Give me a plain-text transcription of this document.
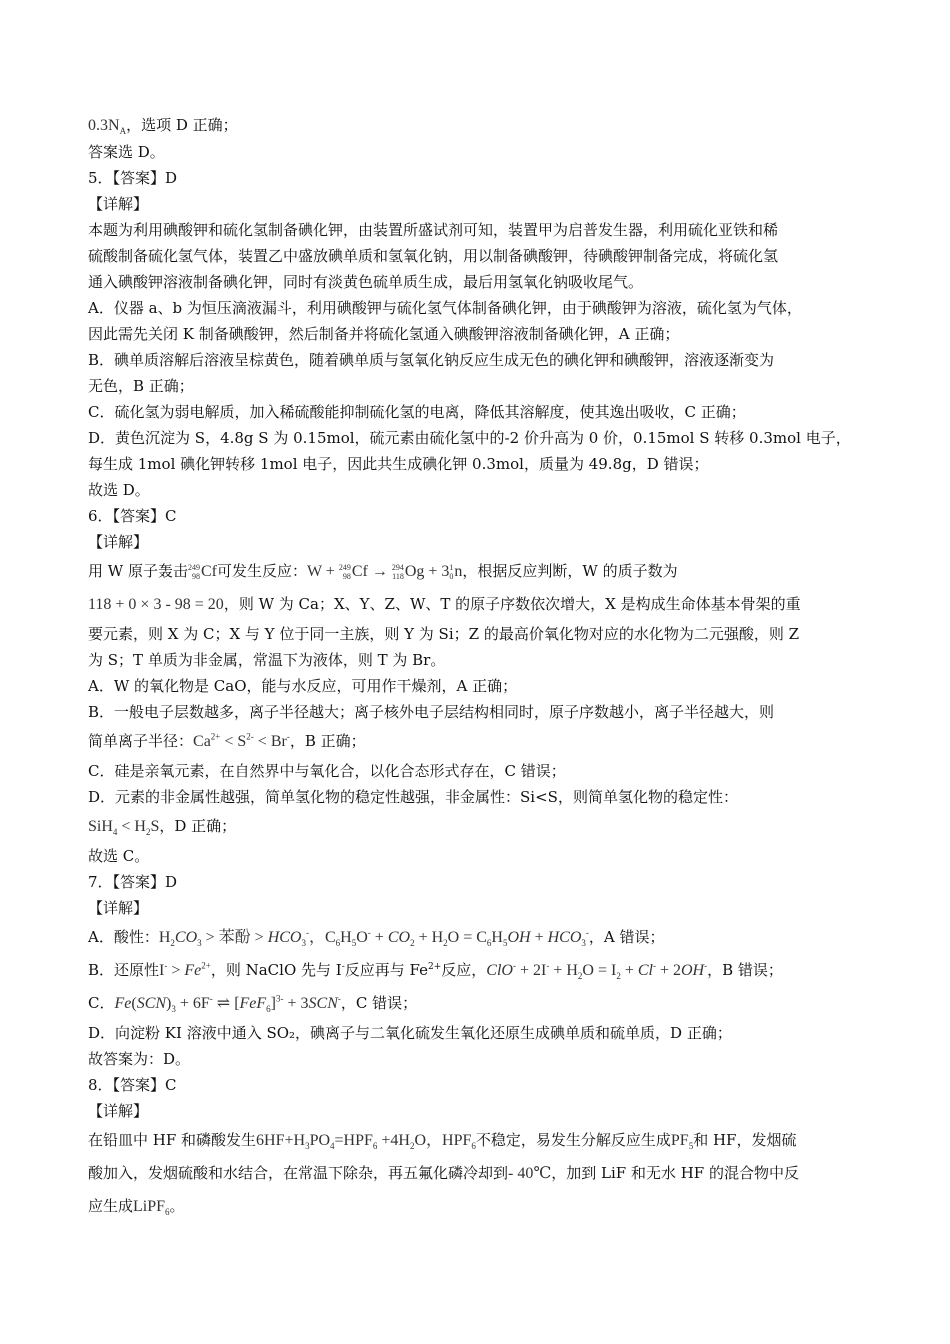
$0.3N_A$，选项 D 正确；
答案选 D。
5．【答案】D
【详解】
本题为利用碘酸钾和硫化氢制备碘化钾，由装置所盛试剂可知，装置甲为启普发生器，利用硫化亚铁和稀
硫酸制备硫化氢气体，装置乙中盛放碘单质和氢氧化钠，用以制备碘酸钾，待碘酸钾制备完成，将硫化氢
通入碘酸钾溶液制备碘化钾，同时有淡黄色硫单质生成，最后用氢氧化钠吸收尾气。
A．仪器 a、b 为恒压滴液漏斗，利用碘酸钾与硫化氢气体制备碘化钾，由于碘酸钾为溶液，硫化氢为气体，
因此需先关闭 K 制备碘酸钾，然后制备并将硫化氢通入碘酸钾溶液制备碘化钾，A 正确；
B．碘单质溶解后溶液呈棕黄色，随着碘单质与氢氧化钠反应生成无色的碘化钾和碘酸钾，溶液逐渐变为
无色，B 正确；
C．硫化氢为弱电解质，加入稀硫酸能抑制硫化氢的电离，降低其溶解度，使其逸出吸收，C 正确；
D．黄色沉淀为 S，4.8g S 为 0.15mol，硫元素由硫化氢中的-2 价升高为 0 价，0.15mol S 转移 0.3mol 电子，
每生成 1mol 碘化钾转移 1mol 电子，因此共生成碘化钾 0.3mol，质量为 49.8g，D 错误；
故选 D。
6．【答案】C
【详解】
用 W 原子轰击 249
98 Cf可发生反应：W + 249
98 Cf → 294
118 Og + 3 1
0 n，根据反应判断，W 的质子数为
118 + 0 × 3 - 98 = 20，则 W 为 Ca；X、Y、Z、W、T 的原子序数依次增大，X 是构成生命体基本骨架的重
要元素，则 X 为 C；X 与 Y 位于同一主族，则 Y 为 Si；Z 的最高价氧化物对应的水化物为二元强酸，则 Z
为 S；T 单质为非金属，常温下为液体，则 T 为 Br。
A．W 的氧化物是 CaO，能与水反应，可用作干燥剂，A 正确；
B．一般电子层数越多，离子半径越大；离子核外电子层结构相同时，原子序数越小，离子半径越大，则
简单离子半径：$Ca^{2+} < S^{2-} < Br^-$，B 正确；
C．硅是亲氧元素，在自然界中与氧化合，以化合态形式存在，C 错误；
D．元素的非金属性越强，简单氢化物的稳定性越强，非金属性：Si<S，则简单氢化物的稳定性：
$SiH_4 < H_2S$，D 正确；
故选 C。
7．【答案】D
【详解】
A．酸性：$H_2CO_3$ > 苯酚 > $HCO_3^-$，$C_6H_5O^- + CO_2 + H_2O = C_6H_5OH + HCO_3^-$，A 错误；
B．还原性$I^- > Fe^{2+}$，则 NaClO 先与 I-反应再与 $Fe^{2+}$反应，$ClO^- + 2I^- + H_2O = I_2 + Cl^- + 2OH^-$，B 错误；
C．$Fe(SCN)_3 + 6F^-$ ⇌ $[FeF_6]^{3-} + 3SCN^-$，C 错误；
D．向淀粉 KI 溶液中通入 SO₂，碘离子与二氧化硫发生氧化还原生成碘单质和硫单质，D 正确；
故答案为：D。
8．【答案】C
【详解】
在铅皿中 HF 和磷酸发生$6HF+H_3PO_4=HPF_6 +4H_2O$，$HPF_6$不稳定，易发生分解反应生成$PF_5$和 HF，发烟硫
酸加入，发烟硫酸和水结合，在常温下除杂，再五氟化磷冷却到- 40℃，加到 LiF 和无水 HF 的混合物中反
应生成LiPF$_6$。
